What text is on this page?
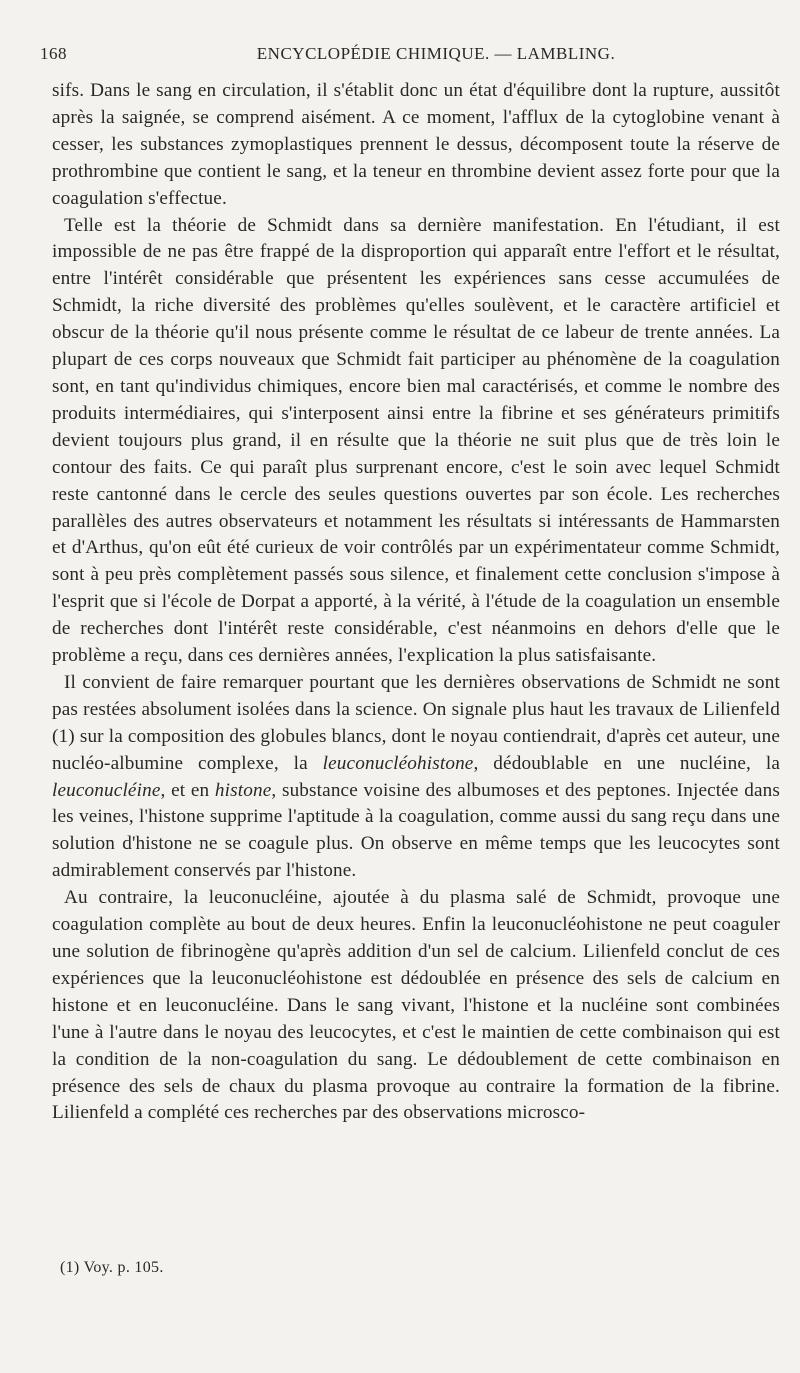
168	ENCYCLOPÉDIE CHIMIQUE. — LAMBLING.

sifs. Dans le sang en circulation, il s'établit donc un état d'équilibre dont la rupture, aussitôt après la saignée, se comprend aisément. A ce moment, l'afflux de la cytoglobine venant à cesser, les substances zymoplastiques prennent le dessus, décomposent toute la réserve de prothrombine que contient le sang, et la teneur en thrombine devient assez forte pour que la coagulation s'effectue.

Telle est la théorie de Schmidt dans sa dernière manifestation. En l'étudiant, il est impossible de ne pas être frappé de la disproportion qui apparaît entre l'effort et le résultat, entre l'intérêt considérable que présentent les expériences sans cesse accumulées de Schmidt, la riche diversité des problèmes qu'elles soulèvent, et le caractère artificiel et obscur de la théorie qu'il nous présente comme le résultat de ce labeur de trente années. La plupart de ces corps nouveaux que Schmidt fait participer au phénomène de la coagulation sont, en tant qu'individus chimiques, encore bien mal caractérisés, et comme le nombre des produits intermédiaires, qui s'interposent ainsi entre la fibrine et ses générateurs primitifs devient toujours plus grand, il en résulte que la théorie ne suit plus que de très loin le contour des faits. Ce qui paraît plus surprenant encore, c'est le soin avec lequel Schmidt reste cantonné dans le cercle des seules questions ouvertes par son école. Les recherches parallèles des autres observateurs et notamment les résultats si intéressants de Hammarsten et d'Arthus, qu'on eût été curieux de voir contrôlés par un expérimentateur comme Schmidt, sont à peu près complètement passés sous silence, et finalement cette conclusion s'impose à l'esprit que si l'école de Dorpat a apporté, à la vérité, à l'étude de la coagulation un ensemble de recherches dont l'intérêt reste considérable, c'est néanmoins en dehors d'elle que le problème a reçu, dans ces dernières années, l'explication la plus satisfaisante.

Il convient de faire remarquer pourtant que les dernières observations de Schmidt ne sont pas restées absolument isolées dans la science. On signale plus haut les travaux de Lilienfeld (1) sur la composition des globules blancs, dont le noyau contiendrait, d'après cet auteur, une nucléo-albumine complexe, la leuconucléohistone, dédoublable en une nucléine, la leuconucléine, et en histone, substance voisine des albumoses et des peptones. Injectée dans les veines, l'histone supprime l'aptitude à la coagulation, comme aussi du sang reçu dans une solution d'histone ne se coagule plus. On observe en même temps que les leucocytes sont admirablement conservés par l'histone.

Au contraire, la leuconucléine, ajoutée à du plasma salé de Schmidt, provoque une coagulation complète au bout de deux heures. Enfin la leuconucléohistone ne peut coaguler une solution de fibrinogène qu'après addition d'un sel de calcium. Lilienfeld conclut de ces expériences que la leuconucléohistone est dédoublée en présence des sels de calcium en histone et en leuconucléine. Dans le sang vivant, l'histone et la nucléine sont combinées l'une à l'autre dans le noyau des leucocytes, et c'est le maintien de cette combinaison qui est la condition de la non-coagulation du sang. Le dédoublement de cette combinaison en présence des sels de chaux du plasma provoque au contraire la formation de la fibrine. Lilienfeld a complété ces recherches par des observations microsco-

(1) Voy. p. 105.
